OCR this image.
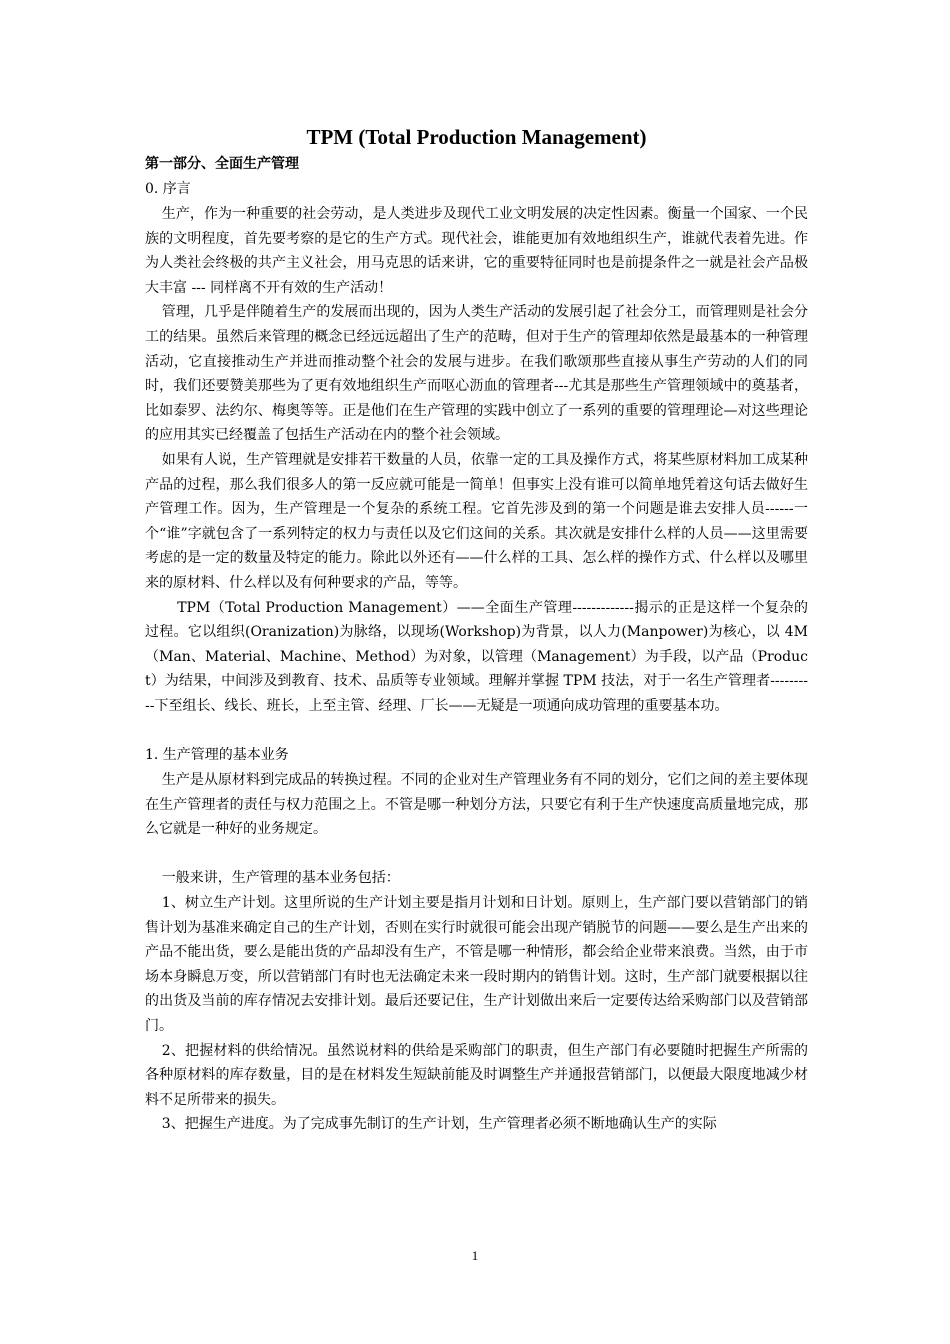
TPM (Total Production Management)

第一部分、全面生产管理

0. 序言

生产，作为一种重要的社会劳动，是人类进步及现代工业文明发展的决定性因素。衡量一个国家、一个民族的文明程度，首先要考察的是它的生产方式。现代社会，谁能更加有效地组织生产，谁就代表着先进。作为人类社会终极的共产主义社会，用马克思的话来讲，它的重要特征同时也是前提条件之一就是社会产品极大丰富 --- 同样离不开有效的生产活动！

管理，几乎是伴随着生产的发展而出现的，因为人类生产活动的发展引起了社会分工，而管理则是社会分工的结果。虽然后来管理的概念已经远远超出了生产的范畴，但对于生产的管理却依然是最基本的一种管理活动，它直接推动生产并进而推动整个社会的发展与进步。在我们歌颂那些直接从事生产劳动的人们的同时，我们还要赞美那些为了更有效地组织生产而呕心沥血的管理者---尤其是那些生产管理领域中的奠基者，比如泰罗、法约尔、梅奥等等。正是他们在生产管理的实践中创立了一系列的重要的管理理论—对这些理论的应用其实已经覆盖了包括生产活动在内的整个社会领域。

如果有人说，生产管理就是安排若干数量的人员，依靠一定的工具及操作方式，将某些原材料加工成某种产品的过程，那么我们很多人的第一反应就可能是一简单！但事实上没有谁可以简单地凭着这句话去做好生产管理工作。因为，生产管理是一个复杂的系统工程。它首先涉及到的第一个问题是谁去安排人员------一个“谁”字就包含了一系列特定的权力与责任以及它们这间的关系。其次就是安排什么样的人员——这里需要考虑的是一定的数量及特定的能力。除此以外还有——什么样的工具、怎么样的操作方式、什么样以及哪里来的原材料、什么样以及有何种要求的产品，等等。

TPM（Total Production Management）——全面生产管理-------------揭示的正是这样一个复杂的过程。它以组织(Oranization)为脉络，以现场(Workshop)为背景，以人力(Manpower)为核心，以 4M（Man、Material、Machine、Method）为对象，以管理（Management）为手段，以产品（Product）为结果，中间涉及到教育、技术、品质等专业领域。理解并掌握 TPM 技法，对于一名生产管理者----------下至组长、线长、班长，上至主管、经理、厂长——无疑是一项通向成功管理的重要基本功。

1. 生产管理的基本业务

生产是从原材料到完成品的转换过程。不同的企业对生产管理业务有不同的划分，它们之间的差主要体现在生产管理者的责任与权力范围之上。不管是哪一种划分方法，只要它有利于生产快速度高质量地完成，那么它就是一种好的业务规定。

一般来讲，生产管理的基本业务包括：

1、树立生产计划。这里所说的生产计划主要是指月计划和日计划。原则上，生产部门要以营销部门的销售计划为基准来确定自己的生产计划，否则在实行时就很可能会出现产销脱节的问题——要么是生产出来的产品不能出货，要么是能出货的产品却没有生产，不管是哪一种情形，都会给企业带来浪费。当然，由于市场本身瞬息万变，所以营销部门有时也无法确定未来一段时期内的销售计划。这时，生产部门就要根据以往的出货及当前的库存情况去安排计划。最后还要记住，生产计划做出来后一定要传达给采购部门以及营销部门。

2、把握材料的供给情况。虽然说材料的供给是采购部门的职责，但生产部门有必要随时把握生产所需的各种原材料的库存数量，目的是在材料发生短缺前能及时调整生产并通报营销部门，以便最大限度地减少材料不足所带来的损失。

3、把握生产进度。为了完成事先制订的生产计划，生产管理者必须不断地确认生产的实际

1
